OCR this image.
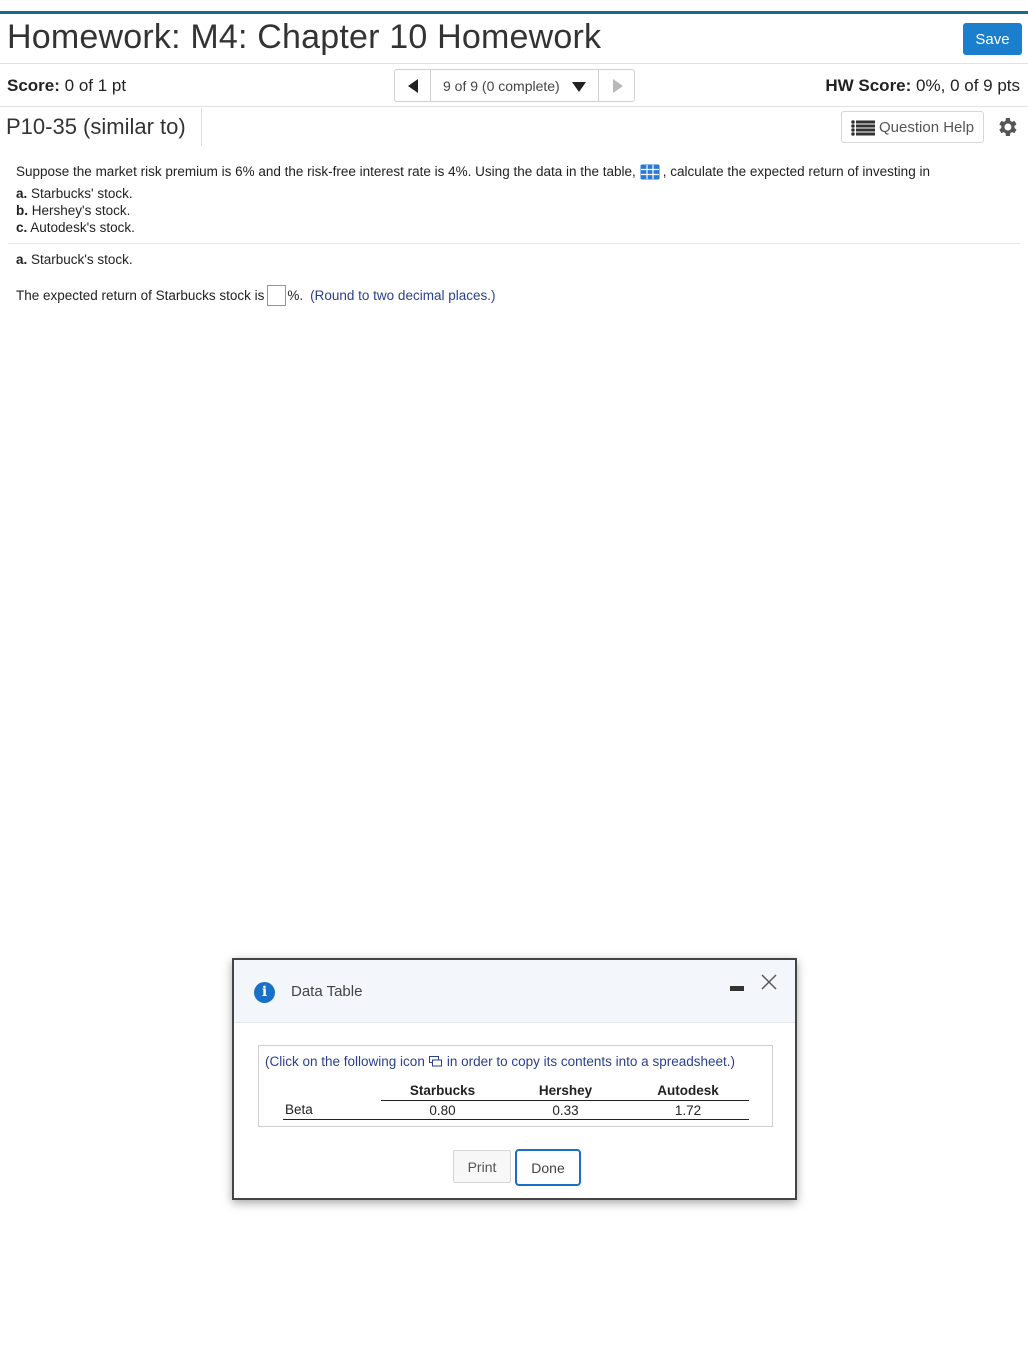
Homework: M4: Chapter 10 Homework	Save
Score: 0 of 1 pt	9 of 9 (0 complete)	HW Score: 0%, 0 of 9 pts
P10-35 (similar to)	Question Help
Suppose the market risk premium is 6% and the risk-free interest rate is 4%. Using the data in the table, , calculate the expected return of investing in
a. Starbucks' stock.
b. Hershey's stock.
c. Autodesk's stock.
a. Starbuck's stock.
The expected return of Starbucks stock is %. (Round to two decimal places.)
i	Data Table
(Click on the following icon in order to copy its contents into a spreadsheet.)
	Starbucks	Hershey	Autodesk
Beta	0.80	0.33	1.72
Print	Done
